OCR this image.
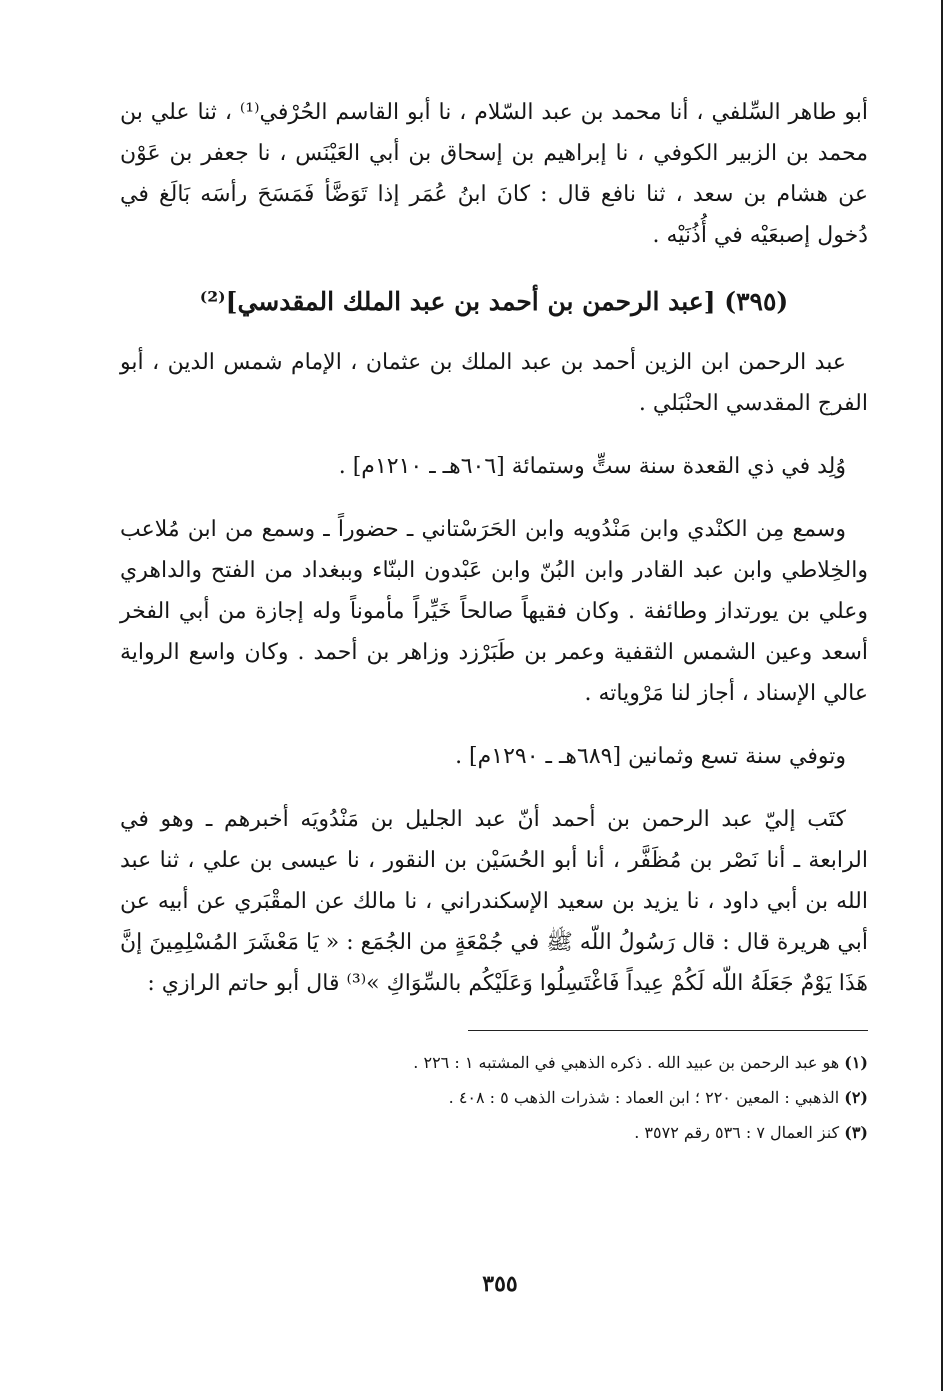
أبو طاهر السِّلفي ، أنا محمد بن عبد السّلام ، نا أبو القاسم الحُرْفي⁽¹⁾ ، ثنا علي بن محمد بن الزبير الكوفي ، نا إبراهيم بن إسحاق بن أبي العَيْنَس ، نا جعفر بن عَوْن عن هشام بن سعد ، ثنا نافع قال : كانَ ابنُ عُمَر إذا تَوَضَّأ فَمَسَحَ رأسَه بَالَغ في دُخول إصبعَيْه في أُذُنَيْه .

(٣٩٥) [عبد الرحمن بن أحمد بن عبد الملك المقدسي]⁽²⁾

عبد الرحمن ابن الزين أحمد بن عبد الملك بن عثمان ، الإمام شمس الدين ، أبو الفرج المقدسي الحنْبَلي .

وُلِد في ذي القعدة سنة ستٍّ وستمائة [٦٠٦هـ ـ ١٢١٠م] .

وسمع مِن الكنْدي وابن مَنْدُويه وابن الحَرَسْتاني ـ حضوراً ـ وسمع من ابن مُلاعب والخِلاطي وابن عبد القادر وابن البُنّ وابن عَبْدون البنّاء وببغداد من الفتح والداهري وعلي بن يورتداز وطائفة . وكان فقيهاً صالحاً خَيِّراً مأموناً وله إجازة من أبي الفخر أسعد وعين الشمس الثقفية وعمر بن طَبَرْزد وزاهر بن أحمد . وكان واسع الرواية عالي الإسناد ، أجاز لنا مَرْوياته .

وتوفي سنة تسع وثمانين [٦٨٩هـ ـ ١٢٩٠م] .

كتَب إليّ عبد الرحمن بن أحمد أنّ عبد الجليل بن مَنْدُويَه أخبرهم ـ وهو في الرابعة ـ أنا نَصْر بن مُظَفَّر ، أنا أبو الحُسَيْن بن النقور ، نا عيسى بن علي ، ثنا عبد الله بن أبي داود ، نا يزيد بن سعيد الإسكندراني ، نا مالك عن المقْبَري عن أبيه عن أبي هريرة قال : قال رَسُولُ اللّه ﷺ في جُمْعَةٍ من الجُمَع : « يَا مَعْشَرَ المُسْلِمِينَ إنَّ هَذَا يَوْمٌ جَعَلَهُ اللّه لَكُمْ عِيداً فَاغْتَسِلُوا وَعَلَيْكُم بالسِّوَاكِ »⁽³⁾ قال أبو حاتم الرازي :

(١) هو عبد الرحمن بن عبيد الله . ذكره الذهبي في المشتبه ١ : ٢٢٦ .

(٢) الذهبي : المعين ٢٢٠ ؛ ابن العماد : شذرات الذهب ٥ : ٤٠٨ .

(٣) كنز العمال ٧ : ٥٣٦ رقم ٣٥٧٢ .

٣٥٥
